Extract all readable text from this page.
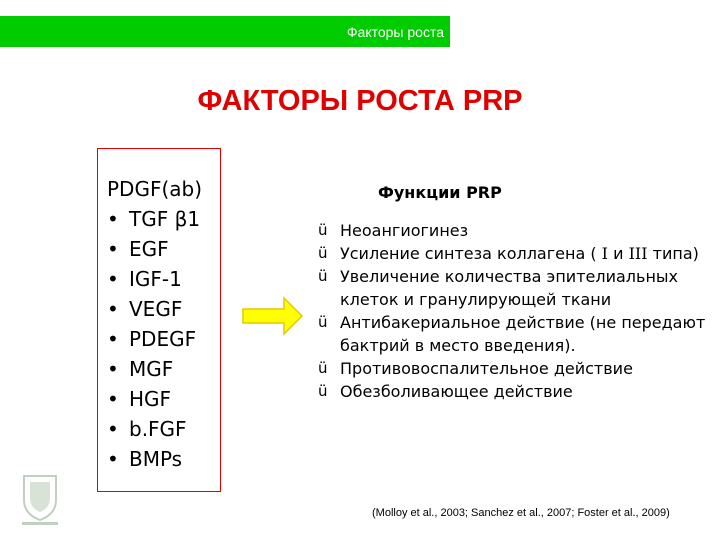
Факторы роста
ФАКТОРЫ РОСТА PRP
PDGF(ab)
• TGF β1
• EGF
• IGF-1
• VEGF
• PDEGF
• MGF
• HGF
• b.FGF
• BMPs
Функции PRP
ü Неоангиогинез
ü Усиление синтеза коллагена ( I и III типа)
ü Увеличение количества эпителиальных клеток и гранулирующей ткани
ü Антибакериальное действие (не передают бактрий в место введения).
ü Противовоспалительное действие
ü Обезболивающее действие
(Molloy et al., 2003; Sanchez et al., 2007; Foster et al., 2009)
